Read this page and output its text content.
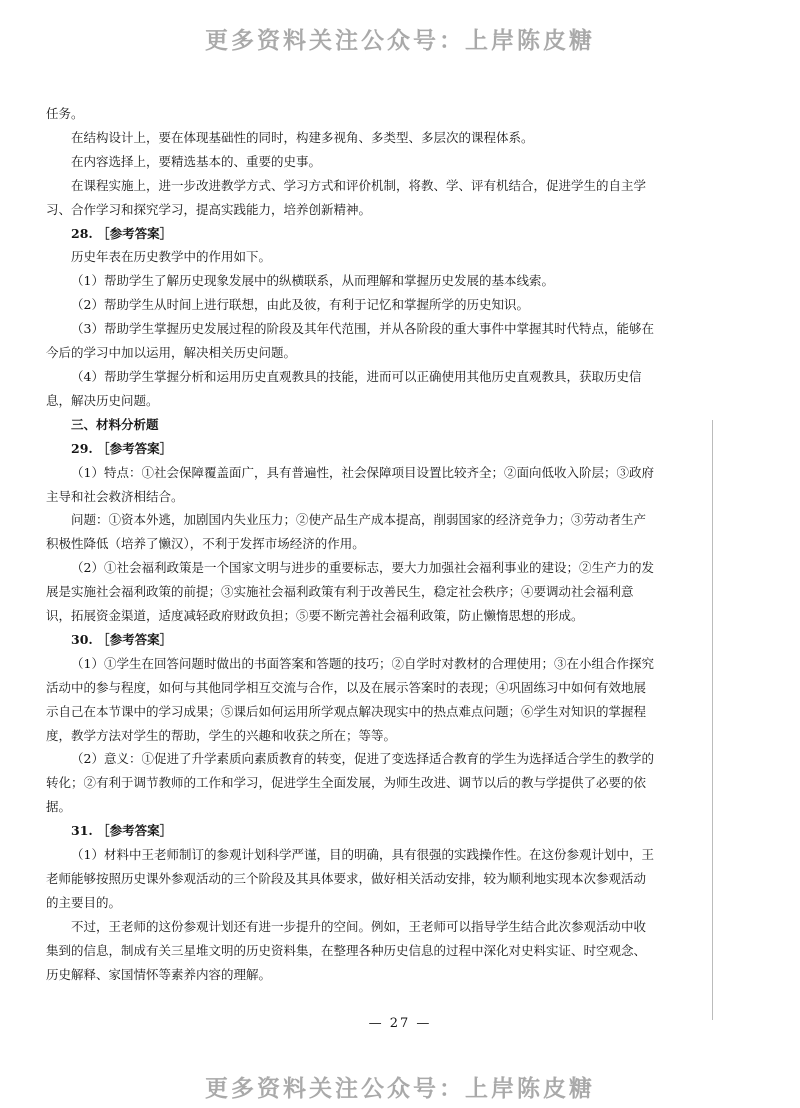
更多资料关注公众号：上岸陈皮糖

任务。

在结构设计上，要在体现基础性的同时，构建多视角、多类型、多层次的课程体系。

在内容选择上，要精选基本的、重要的史事。

在课程实施上，进一步改进教学方式、学习方式和评价机制，将教、学、评有机结合，促进学生的自主学习、合作学习和探究学习，提高实践能力，培养创新精神。

28. ［参考答案］

历史年表在历史教学中的作用如下。

（1）帮助学生了解历史现象发展中的纵横联系，从而理解和掌握历史发展的基本线索。

（2）帮助学生从时间上进行联想，由此及彼，有利于记忆和掌握所学的历史知识。

（3）帮助学生掌握历史发展过程的阶段及其年代范围，并从各阶段的重大事件中掌握其时代特点，能够在今后的学习中加以运用，解决相关历史问题。

（4）帮助学生掌握分析和运用历史直观教具的技能，进而可以正确使用其他历史直观教具，获取历史信息，解决历史问题。

三、材料分析题

29. ［参考答案］

（1）特点：①社会保障覆盖面广，具有普遍性，社会保障项目设置比较齐全；②面向低收入阶层；③政府主导和社会救济相结合。

问题：①资本外逃，加剧国内失业压力；②使产品生产成本提高，削弱国家的经济竞争力；③劳动者生产积极性降低（培养了懒汉），不利于发挥市场经济的作用。

（2）①社会福利政策是一个国家文明与进步的重要标志，要大力加强社会福利事业的建设；②生产力的发展是实施社会福利政策的前提；③实施社会福利政策有利于改善民生，稳定社会秩序；④要调动社会福利意识，拓展资金渠道，适度减轻政府财政负担；⑤要不断完善社会福利政策，防止懒惰思想的形成。

30. ［参考答案］

（1）①学生在回答问题时做出的书面答案和答题的技巧；②自学时对教材的合理使用；③在小组合作探究活动中的参与程度，如何与其他同学相互交流与合作，以及在展示答案时的表现；④巩固练习中如何有效地展示自己在本节课中的学习成果；⑤课后如何运用所学观点解决现实中的热点难点问题；⑥学生对知识的掌握程度，教学方法对学生的帮助，学生的兴趣和收获之所在；等等。

（2）意义：①促进了升学素质向素质教育的转变，促进了变选择适合教育的学生为选择适合学生的教学的转化；②有利于调节教师的工作和学习，促进学生全面发展，为师生改进、调节以后的教与学提供了必要的依据。

31. ［参考答案］

（1）材料中王老师制订的参观计划科学严谨，目的明确，具有很强的实践操作性。在这份参观计划中，王老师能够按照历史课外参观活动的三个阶段及其具体要求，做好相关活动安排，较为顺利地实现本次参观活动的主要目的。

不过，王老师的这份参观计划还有进一步提升的空间。例如，王老师可以指导学生结合此次参观活动中收集到的信息，制成有关三星堆文明的历史资料集，在整理各种历史信息的过程中深化对史料实证、时空观念、历史解释、家国情怀等素养内容的理解。

— 27 —
更多资料关注公众号：上岸陈皮糖
